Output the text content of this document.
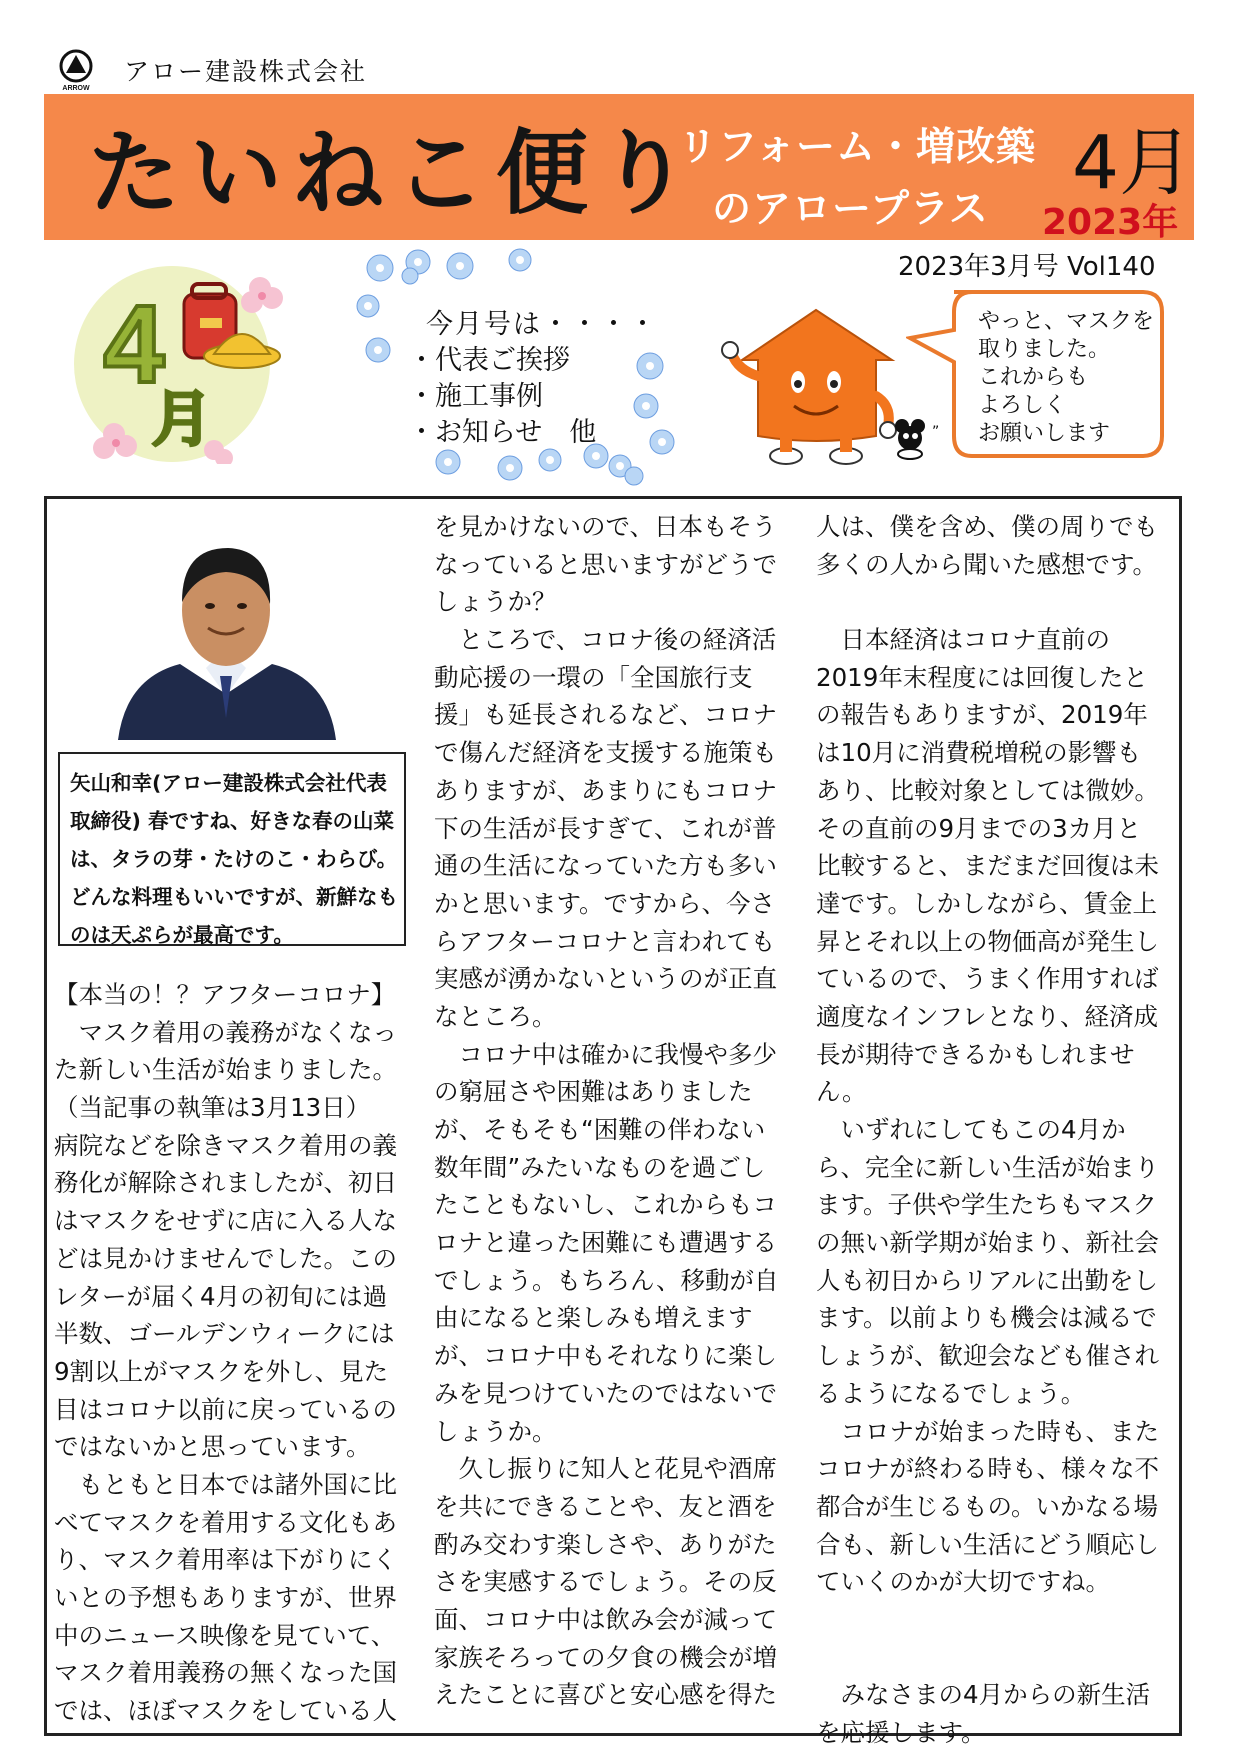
ARROW
アロー建設株式会社
たいねこ便り
リフォーム・増改築
のアロープラス
4月
2023年
2023年3月号 Vol140
4
月
今月号は・・・・
・代表ご挨拶
・施工事例
・お知らせ　他	”
やっと、マスクを
取りました。
これからも
よろしく
お願いします
矢山和幸(アロー建設株式会社代表取締役) 春ですね、好きな春の山菜は、タラの芽・たけのこ・わらび。どんな料理もいいですが、新鮮なものは天ぷらが最高です。
【本当の！？アフターコロナ】
　マスク着用の義務がなくなっ
た新しい生活が始まりました。
（当記事の執筆は3月13日）
病院などを除きマスク着用の義
務化が解除されましたが、初日
はマスクをせずに店に入る人な
どは見かけませんでした。この
レターが届く4月の初旬には過
半数、ゴールデンウィークには
9割以上がマスクを外し、見た
目はコロナ以前に戻っているの
ではないかと思っています。
　もともと日本では諸外国に比
べてマスクを着用する文化もあ
り、マスク着用率は下がりにく
いとの予想もありますが、世界
中のニュース映像を見ていて、
マスク着用義務の無くなった国
では、ほぼマスクをしている人
を見かけないので、日本もそう
なっていると思いますがどうで
しょうか？
　ところで、コロナ後の経済活
動応援の一環の「全国旅行支
援」も延長されるなど、コロナ
で傷んだ経済を支援する施策も
ありますが、あまりにもコロナ
下の生活が長すぎて、これが普
通の生活になっていた方も多い
かと思います。ですから、今さ
らアフターコロナと言われても
実感が湧かないというのが正直
なところ。
　コロナ中は確かに我慢や多少
の窮屈さや困難はありました
が、そもそも“困難の伴わない
数年間”みたいなものを過ごし
たこともないし、これからもコ
ロナと違った困難にも遭遇する
でしょう。もちろん、移動が自
由になると楽しみも増えます
が、コロナ中もそれなりに楽し
みを見つけていたのではないで
しょうか。
　久し振りに知人と花見や酒席
を共にできることや、友と酒を
酌み交わす楽しさや、ありがた
さを実感するでしょう。その反
面、コロナ中は飲み会が減って
家族そろっての夕食の機会が増
えたことに喜びと安心感を得た
人は、僕を含め、僕の周りでも
多くの人から聞いた感想です。
　日本経済はコロナ直前の
2019年末程度には回復したと
の報告もありますが、2019年
は10月に消費税増税の影響も
あり、比較対象としては微妙。
その直前の9月までの3カ月と
比較すると、まだまだ回復は未
達です。しかしながら、賃金上
昇とそれ以上の物価高が発生し
ているので、うまく作用すれば
適度なインフレとなり、経済成
長が期待できるかもしれませ
ん。
　いずれにしてもこの4月か
ら、完全に新しい生活が始まり
ます。子供や学生たちもマスク
の無い新学期が始まり、新社会
人も初日からリアルに出勤をし
ます。以前よりも機会は減るで
しょうが、歓迎会なども催され
るようになるでしょう。
　コロナが始まった時も、また
コロナが終わる時も、様々な不
都合が生じるもの。いかなる場
合も、新しい生活にどう順応し
ていくのかが大切ですね。
　みなさまの4月からの新生活
を応援します。
